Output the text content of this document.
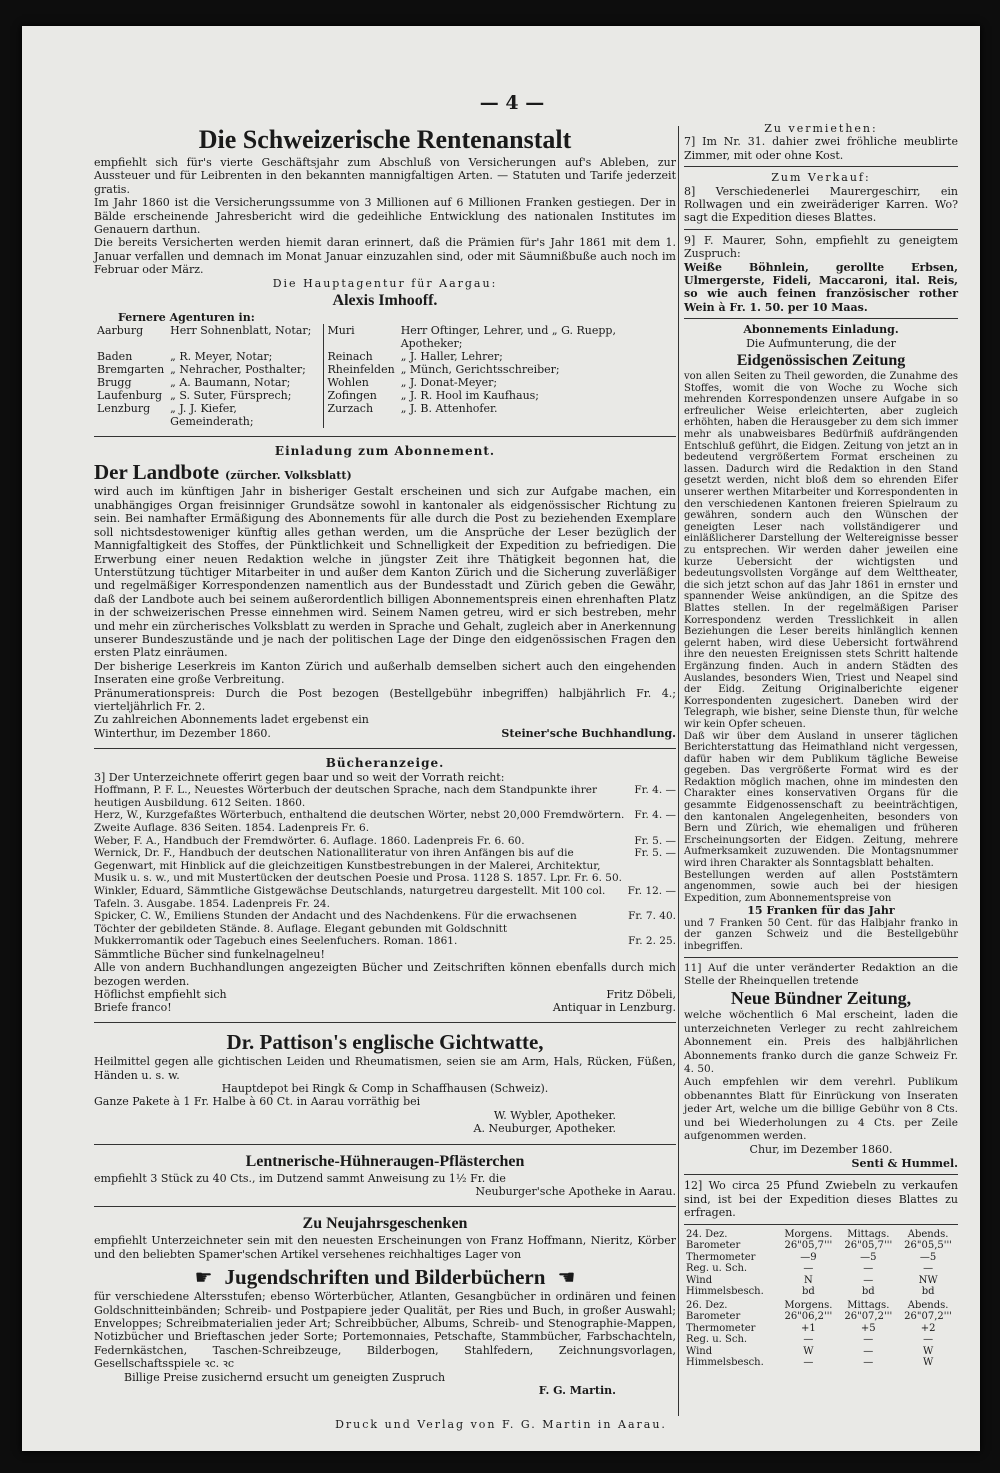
— 4 —
Die Schweizerische Rentenanstalt

empfiehlt sich für's vierte Geschäftsjahr zum Abschluß von Versicherungen auf's Ableben, zur Aussteuer und für Leibrenten in den bekannten mannigfaltigen Arten. — Statuten und Tarife jederzeit gratis.

Im Jahr 1860 ist die Versicherungssumme von 3 Millionen auf 6 Millionen Franken gestiegen. Der in Bälde erscheinende Jahresbericht wird die gedeihliche Entwicklung des nationalen Institutes im Genauern darthun.

Die bereits Versicherten werden hiemit daran erinnert, daß die Prämien für's Jahr 1861 mit dem 1. Januar verfallen und demnach im Monat Januar einzuzahlen sind, oder mit Säumnißbuße auch noch im Februar oder März.

Die Hauptagentur für Aargau:

Alexis Imhooff.

Fernere Agenturen in:

Aarburg	Herr Sohnenblatt, Notar;	Muri	Herr Oftinger, Lehrer, und „ G. Ruepp, Apotheker;
Baden	„ R. Meyer, Notar;	Reinach	„ J. Haller, Lehrer;
Bremgarten	„ Nehracher, Posthalter;	Rheinfelden	„ Münch, Gerichtsschreiber;
Brugg	„ A. Baumann, Notar;	Wohlen	„ J. Donat-Meyer;
Laufenburg	„ S. Suter, Fürsprech;	Zofingen	„ J. R. Hool im Kaufhaus;
Lenzburg	„ J. J. Kiefer, Gemeinderath;	Zurzach	„ J. B. Attenhofer.
Einladung zum Abonnement.
Der Landbote (zürcher. Volksblatt)

wird auch im künftigen Jahr in bisheriger Gestalt erscheinen und sich zur Aufgabe machen, ein unabhängiges Organ freisinniger Grundsätze sowohl in kantonaler als eidgenössischer Richtung zu sein. Bei namhafter Ermäßigung des Abonnements für alle durch die Post zu beziehenden Exemplare soll nichtsdestoweniger künftig alles gethan werden, um die Ansprüche der Leser bezüglich der Mannigfaltigkeit des Stoffes, der Pünktlichkeit und Schnelligkeit der Expedition zu befriedigen. Die Erwerbung einer neuen Redaktion welche in jüngster Zeit ihre Thätigkeit begonnen hat, die Unterstützung tüchtiger Mitarbeiter in und außer dem Kanton Zürich und die Sicherung zuverläßiger und regelmäßiger Korrespondenzen namentlich aus der Bundesstadt und Zürich geben die Gewähr, daß der Landbote auch bei seinem außerordentlich billigen Abonnementspreis einen ehrenhaften Platz in der schweizerischen Presse einnehmen wird. Seinem Namen getreu, wird er sich bestreben, mehr und mehr ein zürcherisches Volksblatt zu werden in Sprache und Gehalt, zugleich aber in Anerkennung unserer Bundeszustände und je nach der politischen Lage der Dinge den eidgenössischen Fragen den ersten Platz einräumen.

Der bisherige Leserkreis im Kanton Zürich und außerhalb demselben sichert auch den eingehenden Inseraten eine große Verbreitung.

Pränumerationspreis: Durch die Post bezogen (Bestellgebühr inbegriffen) halbjährlich Fr. 4.; vierteljährlich Fr. 2.

Zu zahlreichen Abonnements ladet ergebenst ein

Winterthur, im Dezember 1860.	Steiner'sche Buchhandlung.
Bücheranzeige.

3] Der Unterzeichnete offerirt gegen baar und so weit der Vorrath reicht:

Hoffmann, P. F. L., Neuestes Wörterbuch der deutschen Sprache, nach dem Standpunkte ihrer heutigen Ausbildung. 612 Seiten. 1860.
Fr. 4. —
Herz, W., Kurzgefaßtes Wörterbuch, enthaltend die deutschen Wörter, nebst 20,000 Fremdwörtern. Zweite Auflage. 836 Seiten. 1854. Ladenpreis Fr. 6.
Fr. 4. —
Weber, F. A., Handbuch der Fremdwörter. 6. Auflage. 1860. Ladenpreis Fr. 6. 60.	Fr. 5. —
Wernick, Dr. F., Handbuch der deutschen Nationalliteratur von ihren Anfängen bis auf die Gegenwart, mit Hinblick auf die gleichzeitigen Kunstbestrebungen in der Malerei, Architektur, Musik u. s. w., und mit Mustertücken der deutschen Poesie und Prosa. 1128 S. 1857. Lpr. Fr. 6. 50.
Fr. 5. —
Winkler, Eduard, Sämmtliche Gistgewächse Deutschlands, naturgetreu dargestellt. Mit 100 col. Tafeln. 3. Ausgabe. 1854. Ladenpreis Fr. 24.
Fr. 12. —
Spicker, C. W., Emiliens Stunden der Andacht und des Nachdenkens. Für die erwachsenen Töchter der gebildeten Stände. 8. Auflage. Elegant gebunden mit Goldschnitt
Fr. 7. 40.
Mukkerromantik oder Tagebuch eines Seelenfuchers. Roman. 1861.	Fr. 2. 25.

Sämmtliche Bücher sind funkelnagelneu!

Alle von andern Buchhandlungen angezeigten Bücher und Zeitschriften können ebenfalls durch mich bezogen werden.

Höflichst empfiehlt sich	Fritz Döbeli,
Briefe franco!	Antiquar in Lenzburg.
Dr. Pattison's englische Gichtwatte,

Heilmittel gegen alle gichtischen Leiden und Rheumatismen, seien sie am Arm, Hals, Rücken, Füßen, Händen u. s. w.

Hauptdepot bei Ringk & Comp in Schaffhausen (Schweiz).

Ganze Pakete à 1 Fr. Halbe à 60 Ct. in Aarau vorräthig bei

W. Wybler, Apotheker.

A. Neuburger, Apotheker.

Lentnerische-Hühneraugen-Pflästerchen

empfiehlt 3 Stück zu 40 Cts., im Dutzend sammt Anweisung zu 1½ Fr. die

Neuburger'sche Apotheke in Aarau.

Zu Neujahrsgeschenken

empfiehlt Unterzeichneter sein mit den neuesten Erscheinungen von Franz Hoffmann, Nieritz, Körber und den beliebten Spamer'schen Artikel versehenes reichhaltiges Lager von

☛ Jugendschriften und Bilderbüchern ☚

für verschiedene Altersstufen; ebenso Wörterbücher, Atlanten, Gesangbücher in ordinären und feinen Goldschnitteinbänden; Schreib- und Postpapiere jeder Qualität, per Ries und Buch, in großer Auswahl; Enveloppes; Schreibmaterialien jeder Art; Schreibbücher, Albums, Schreib- und Stenographie-Mappen, Notizbücher und Brieftaschen jeder Sorte; Portemonnaies, Petschafte, Stammbücher, Farbschachteln, Federnkästchen, Taschen-Schreibzeuge, Bilderbogen, Stahlfedern, Zeichnungsvorlagen, Gesellschaftsspiele ꝛc. ꝛc

Billige Preise zusichernd ersucht um geneigten Zuspruch

F. G. Martin.

Zu vermiethen:

7] Im Nr. 31. dahier zwei fröhliche meublirte Zimmer, mit oder ohne Kost.

Zum Verkauf:

8] Verschiedenerlei Maurergeschirr, ein Rollwagen und ein zweiräderiger Karren. Wo? sagt die Expedition dieses Blattes.

9] F. Maurer, Sohn, empfiehlt zu geneigtem Zuspruch:

Weiße Böhnlein, gerollte Erbsen, Ulmergerste, Fideli, Maccaroni, ital. Reis, so wie auch feinen französischer rother Wein à Fr. 1. 50. per 10 Maas.

Abonnements Einladung.

Die Aufmunterung, die der

Eidgenössischen Zeitung

von allen Seiten zu Theil geworden, die Zunahme des Stoffes, womit die von Woche zu Woche sich mehrenden Korrespondenzen unsere Aufgabe in so erfreulicher Weise erleichterten, aber zugleich erhöhten, haben die Herausgeber zu dem sich immer mehr als unabweisbares Bedürfniß aufdrängenden Entschluß geführt, die Eidgen. Zeitung von jetzt an in bedeutend vergrößertem Format erscheinen zu lassen. Dadurch wird die Redaktion in den Stand gesetzt werden, nicht bloß dem so ehrenden Eifer unserer werthen Mitarbeiter und Korrespondenten in den verschiedenen Kantonen freieren Spielraum zu gewähren, sondern auch den Wünschen der geneigten Leser nach vollständigerer und einläßlicherer Darstellung der Weltereignisse besser zu entsprechen. Wir werden daher jeweilen eine kurze Uebersicht der wichtigsten und bedeutungsvollsten Vorgänge auf dem Welttheater, die sich jetzt schon auf das Jahr 1861 in ernster und spannender Weise ankündigen, an die Spitze des Blattes stellen. In der regelmäßigen Pariser Korrespondenz werden Tresslichkeit in allen Beziehungen die Leser bereits hinlänglich kennen gelernt haben, wird diese Uebersicht fortwährend ihre den neuesten Ereignissen stets Schritt haltende Ergänzung finden. Auch in andern Städten des Auslandes, besonders Wien, Triest und Neapel sind der Eidg. Zeitung Originalberichte eigener Korrespondenten zugesichert. Daneben wird der Telegraph, wie bisher, seine Dienste thun, für welche wir kein Opfer scheuen.

Daß wir über dem Ausland in unserer täglichen Berichterstattung das Heimathland nicht vergessen, dafür haben wir dem Publikum tägliche Beweise gegeben. Das vergrößerte Format wird es der Redaktion möglich machen, ohne im mindesten den Charakter eines konservativen Organs für die gesammte Eidgenossenschaft zu beeinträchtigen, den kantonalen Angelegenheiten, besonders von Bern und Zürich, wie ehemaligen und früheren Erscheinungsorten der Eidgen. Zeitung, mehrere Aufmerksamkeit zuzuwenden. Die Montagsnummer wird ihren Charakter als Sonntagsblatt behalten.

Bestellungen werden auf allen Poststämtern angenommen, sowie auch bei der hiesigen Expedition, zum Abonnementspreise von

15 Franken für das Jahr

und 7 Franken 50 Cent. für das Halbjahr franko in der ganzen Schweiz und die Bestellgebühr inbegriffen.

11] Auf die unter veränderter Redaktion an die Stelle der Rheinquellen tretende

Neue Bündner Zeitung,

welche wöchentlich 6 Mal erscheint, laden die unterzeichneten Verleger zu recht zahlreichem Abonnement ein. Preis des halbjährlichen Abonnements franko durch die ganze Schweiz Fr. 4. 50.

Auch empfehlen wir dem verehrl. Publikum obbenanntes Blatt für Einrückung von Inseraten jeder Art, welche um die billige Gebühr von 8 Cts. und bei Wiederholungen zu 4 Cts. per Zeile aufgenommen werden.

Chur, im Dezember 1860.

Senti & Hummel.

12] Wo circa 25 Pfund Zwiebeln zu verkaufen sind, ist bei der Expedition dieses Blattes zu erfragen.

24. Dez.	Morgens.	Mittags.	Abends.
Barometer	26"05,7'''	26"05,7'''	26"05,5'''
Thermometer	—9	—5	—5
Reg. u. Sch.	—	—	—
Wind	N	—	NW
Himmelsbesch.	bd	bd	bd
26. Dez.	Morgens.	Mittags.	Abends.
Barometer	26"06,2'''	26"07,2'''	26"07,2'''
Thermometer	+1	+5	+2
Reg. u. Sch.	—	—	—
Wind	W	—	W
Himmelsbesch.	—	—	W
Druck und Verlag von F. G. Martin in Aarau.
